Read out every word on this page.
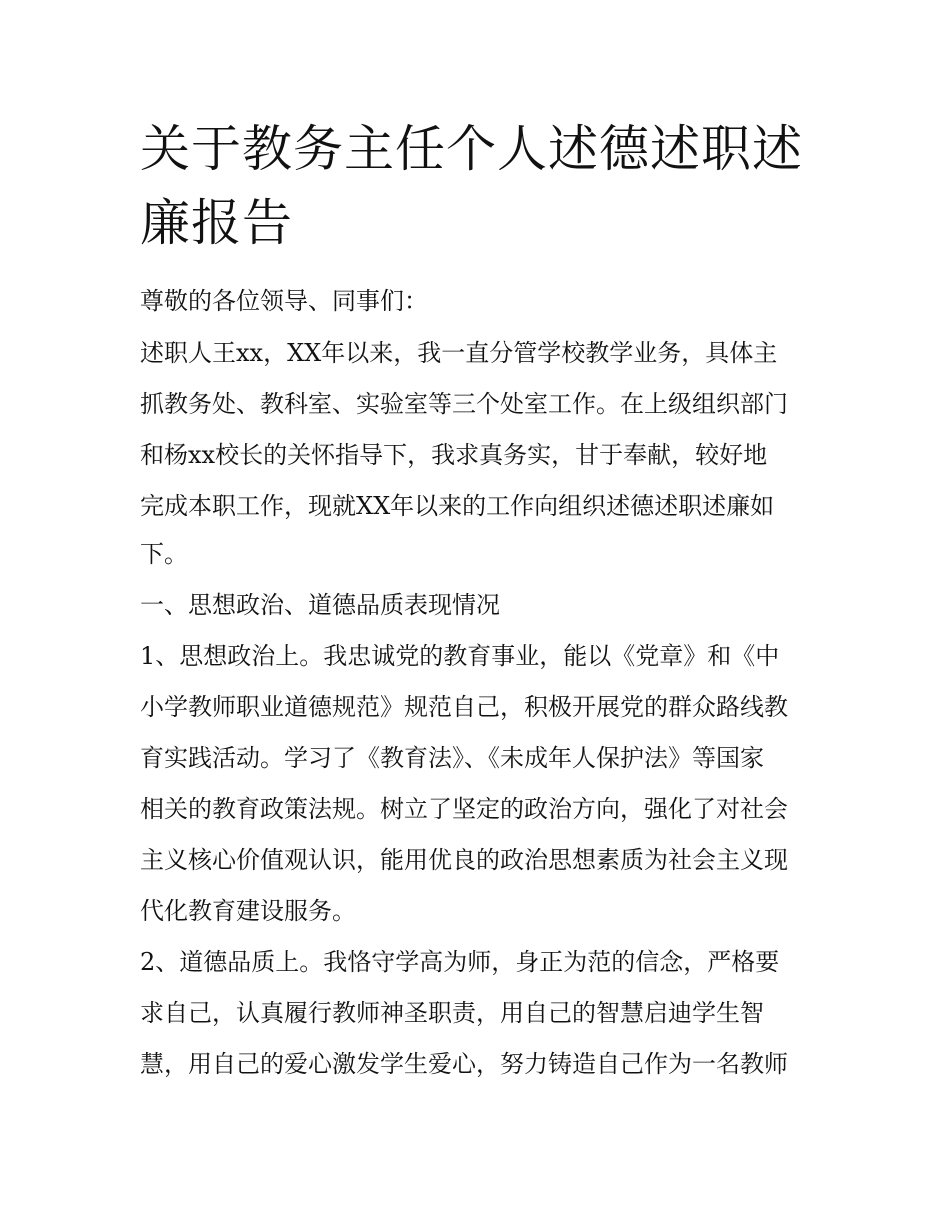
关于教务主任个人述德述职述廉报告

尊敬的各位领导、同事们：

述职人王xx，XX年以来，我一直分管学校教学业务，具体主

抓教务处、教科室、实验室等三个处室工作。在上级组织部门

和杨xx校长的关怀指导下，我求真务实，甘于奉献，较好地

完成本职工作，现就XX年以来的工作向组织述德述职述廉如

下。

一、思想政治、道德品质表现情况

1、思想政治上。我忠诚党的教育事业，能以《党章》和《中

小学教师职业道德规范》规范自己，积极开展党的群众路线教

育实践活动。学习了《教育法》、《未成年人保护法》等国家

相关的教育政策法规。树立了坚定的政治方向，强化了对社会

主义核心价值观认识，能用优良的政治思想素质为社会主义现

代化教育建设服务。

2、道德品质上。我恪守学高为师，身正为范的信念，严格要

求自己，认真履行教师神圣职责，用自己的智慧启迪学生智

慧，用自己的爱心激发学生爱心，努力铸造自己作为一名教师
